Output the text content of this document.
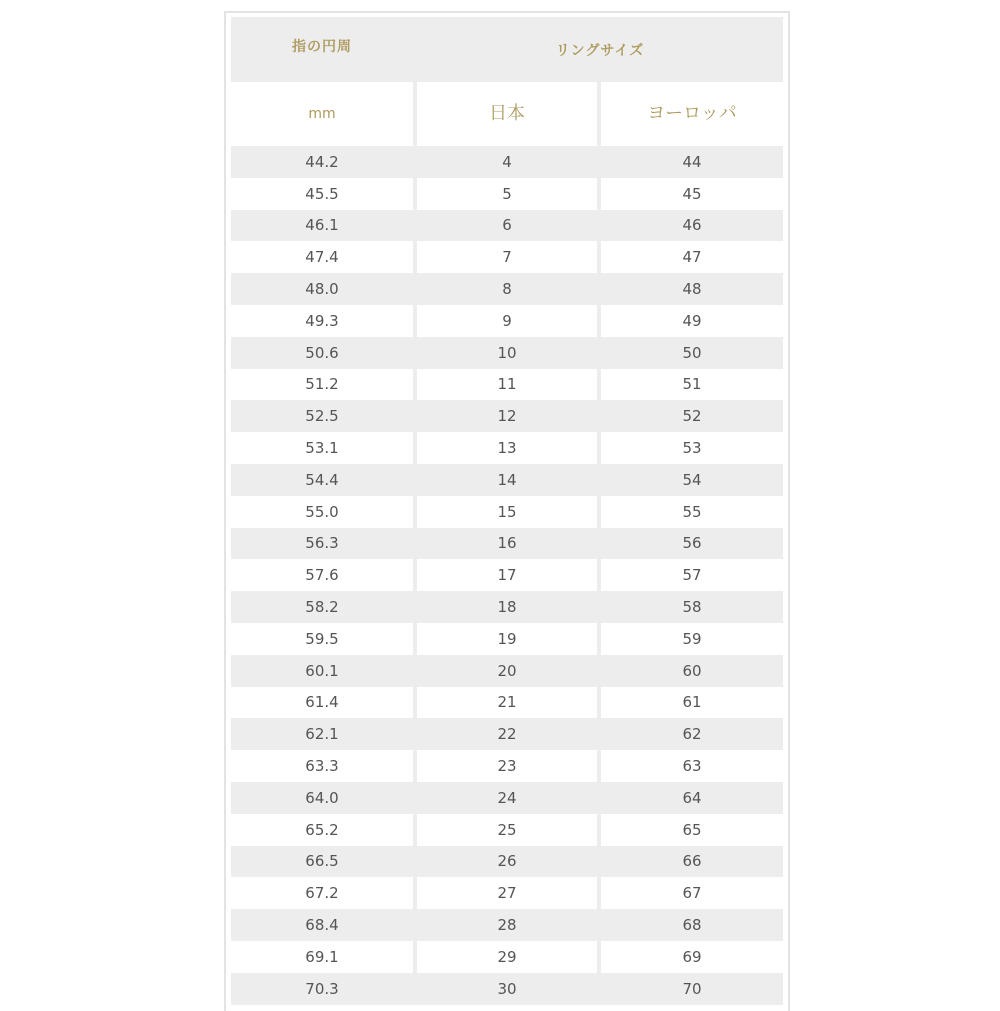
指の円周	リングサイズ
mm	日本	ヨーロッパ
44.2	4	44
45.5	5	45
46.1	6	46
47.4	7	47
48.0	8	48
49.3	9	49
50.6	10	50
51.2	11	51
52.5	12	52
53.1	13	53
54.4	14	54
55.0	15	55
56.3	16	56
57.6	17	57
58.2	18	58
59.5	19	59
60.1	20	60
61.4	21	61
62.1	22	62
63.3	23	63
64.0	24	64
65.2	25	65
66.5	26	66
67.2	27	67
68.4	28	68
69.1	29	69
70.3	30	70
